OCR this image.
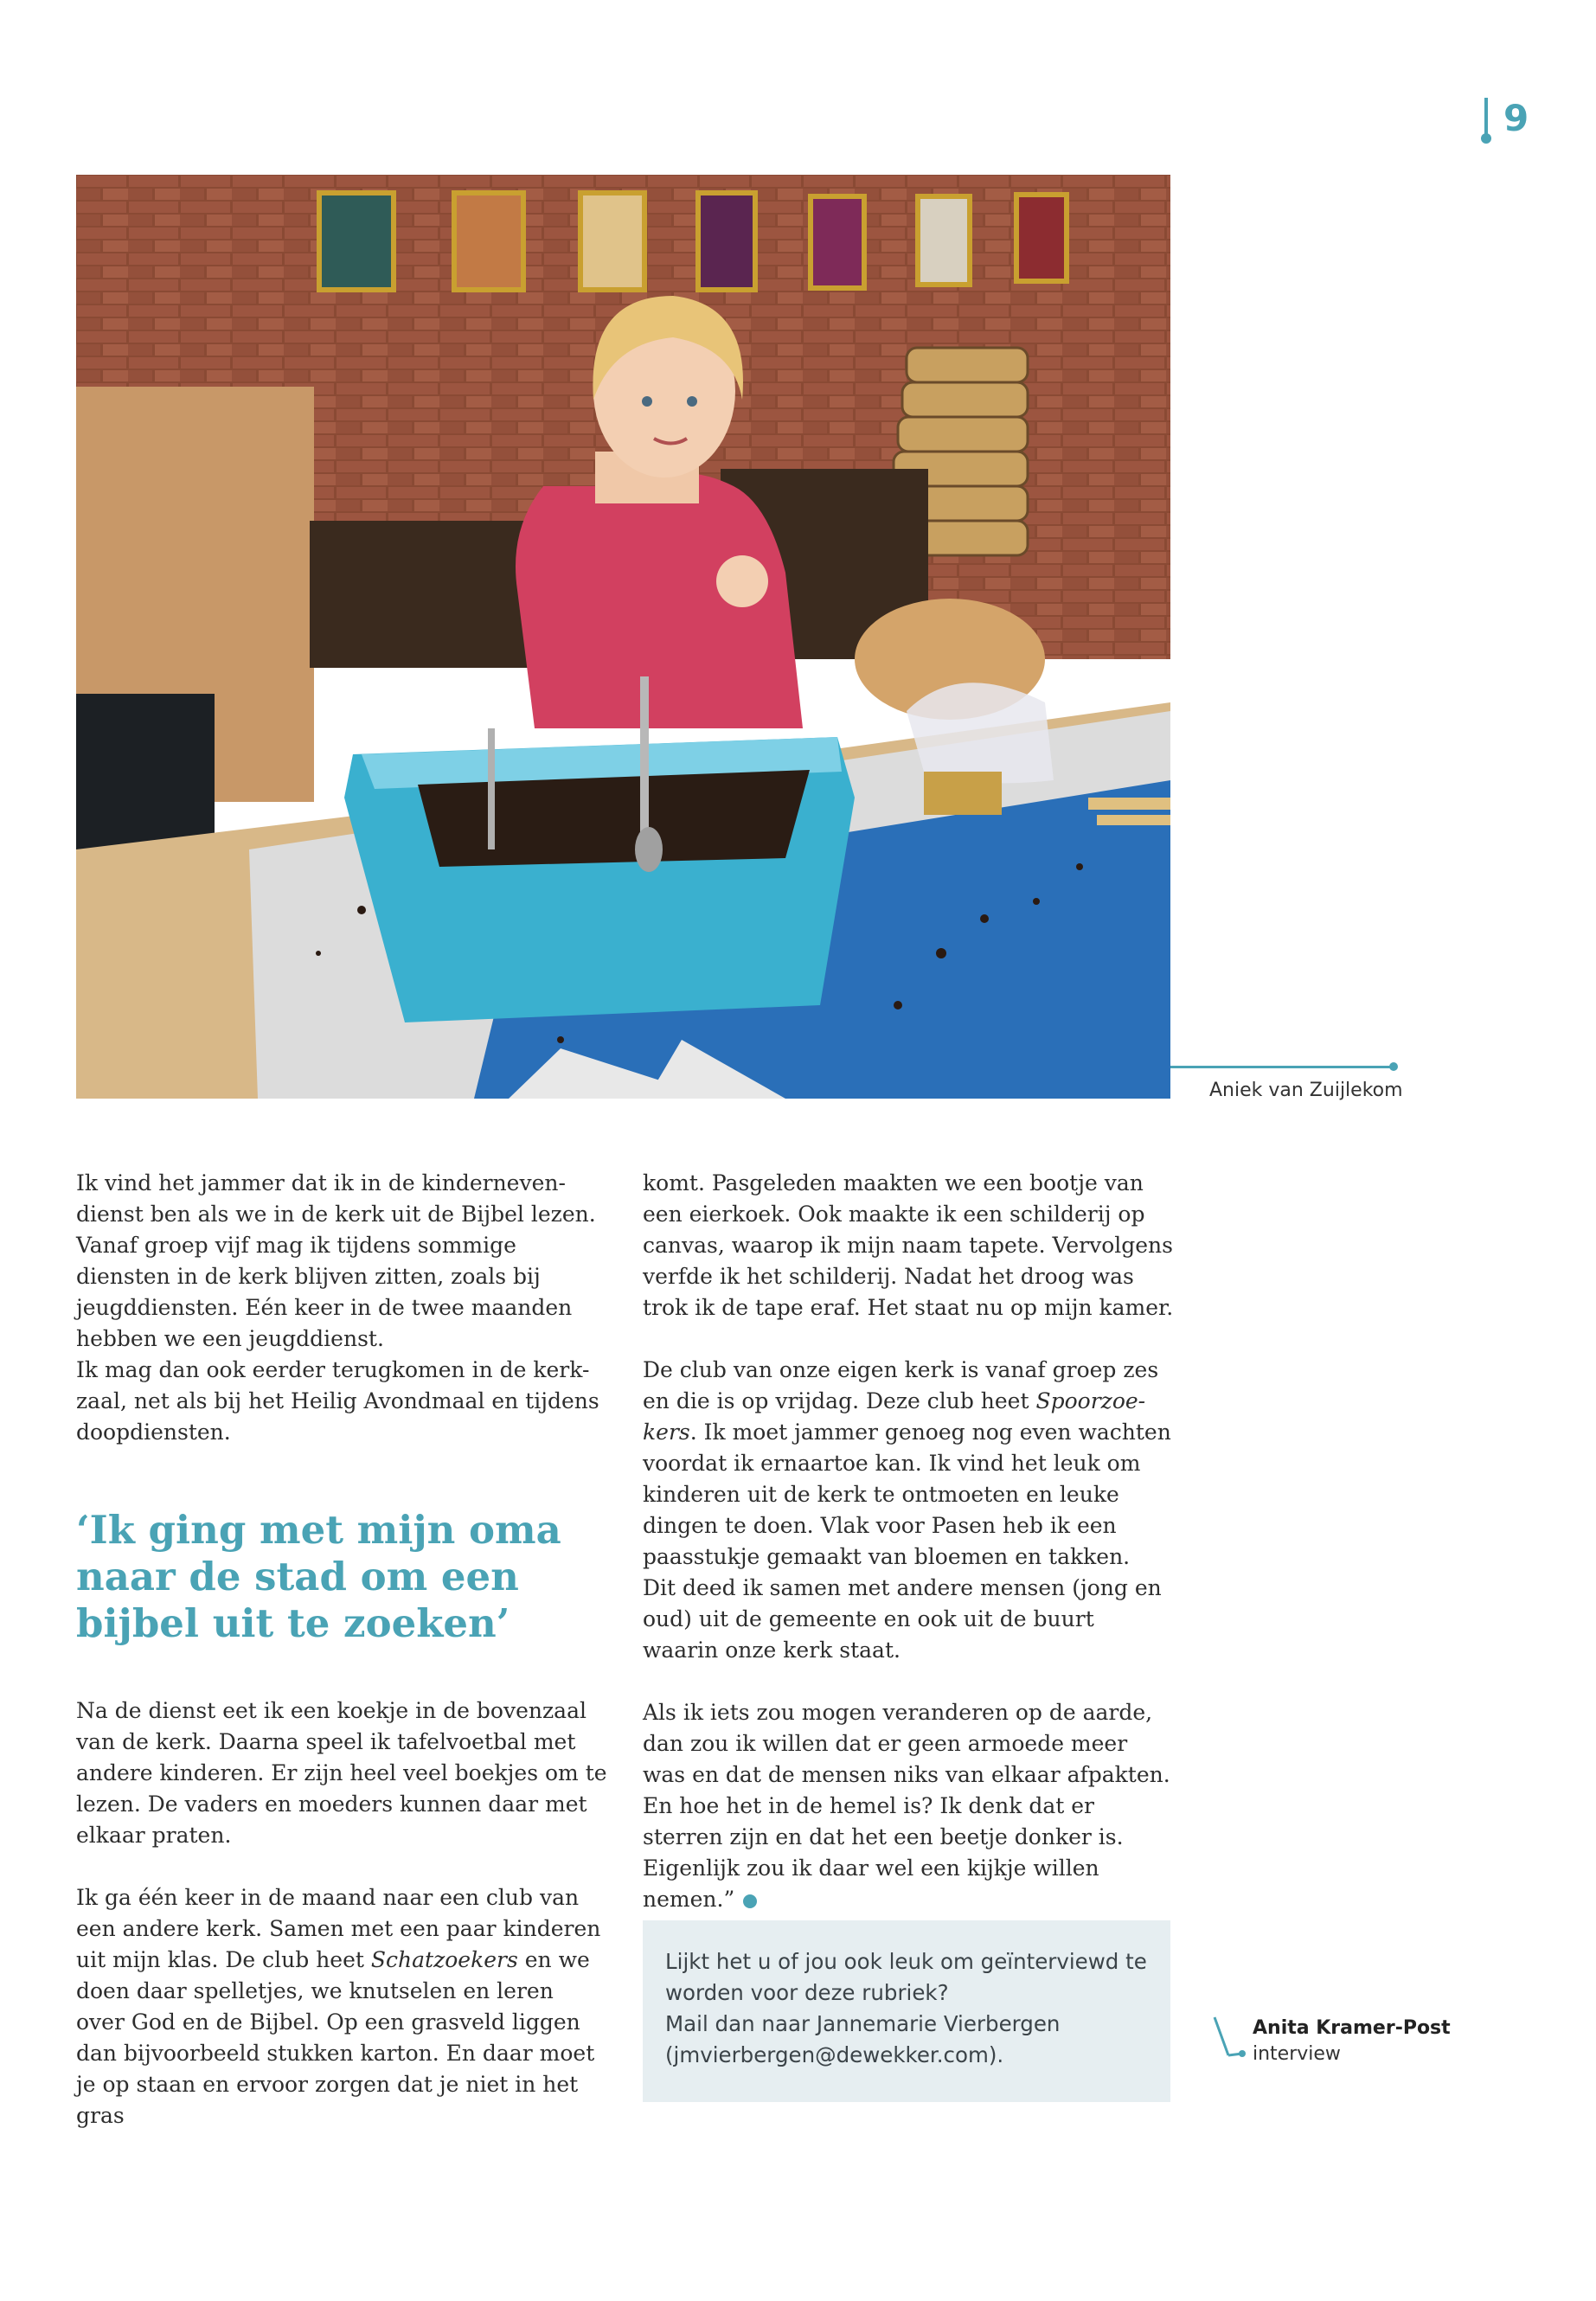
9
Aniek van Zuijlekom

Ik vind het jammer dat ik in de kinderneven-dienst ben als we in de kerk uit de Bijbel lezen. Vanaf groep vijf mag ik tijdens sommige diensten in de kerk blijven zitten, zoals bij jeugddiensten. Eén keer in de twee maanden hebben we een jeugddienst.
Ik mag dan ook eerder terugkomen in de kerk-zaal, net als bij het Heilig Avondmaal en tijdens doopdiensten.

‘Ik ging met mijn oma naar de stad om een bijbel uit te zoeken’

Na de dienst eet ik een koekje in de bovenzaal van de kerk. Daarna speel ik tafelvoetbal met andere kinderen. Er zijn heel veel boekjes om te lezen. De vaders en moeders kunnen daar met elkaar praten.

Ik ga één keer in de maand naar een club van een andere kerk. Samen met een paar kinderen uit mijn klas. De club heet Schatzoekers en we doen daar spelletjes, we knutselen en leren over God en de Bijbel. Op een grasveld liggen dan bijvoorbeeld stukken karton. En daar moet je op staan en ervoor zorgen dat je niet in het gras

komt. Pasgeleden maakten we een bootje van een eierkoek. Ook maakte ik een schilderij op canvas, waarop ik mijn naam tapete. Vervolgens verfde ik het schilderij. Nadat het droog was trok ik de tape eraf. Het staat nu op mijn kamer.

De club van onze eigen kerk is vanaf groep zes en die is op vrijdag. Deze club heet Spoorzoe-kers. Ik moet jammer genoeg nog even wachten voordat ik ernaartoe kan. Ik vind het leuk om kinderen uit de kerk te ontmoeten en leuke dingen te doen. Vlak voor Pasen heb ik een paasstukje gemaakt van bloemen en takken.
Dit deed ik samen met andere mensen (jong en oud) uit de gemeente en ook uit de buurt waarin onze kerk staat.

Als ik iets zou mogen veranderen op de aarde, dan zou ik willen dat er geen armoede meer was en dat de mensen niks van elkaar afpakten.
En hoe het in de hemel is? Ik denk dat er sterren zijn en dat het een beetje donker is. Eigenlijk zou ik daar wel een kijkje willen nemen.”

Lijkt het u of jou ook leuk om geïnterviewd te
worden voor deze rubriek?
Mail dan naar Jannemarie Vierbergen
(jmvierbergen@dewekker.com).
Anita Kramer-Post
interview
